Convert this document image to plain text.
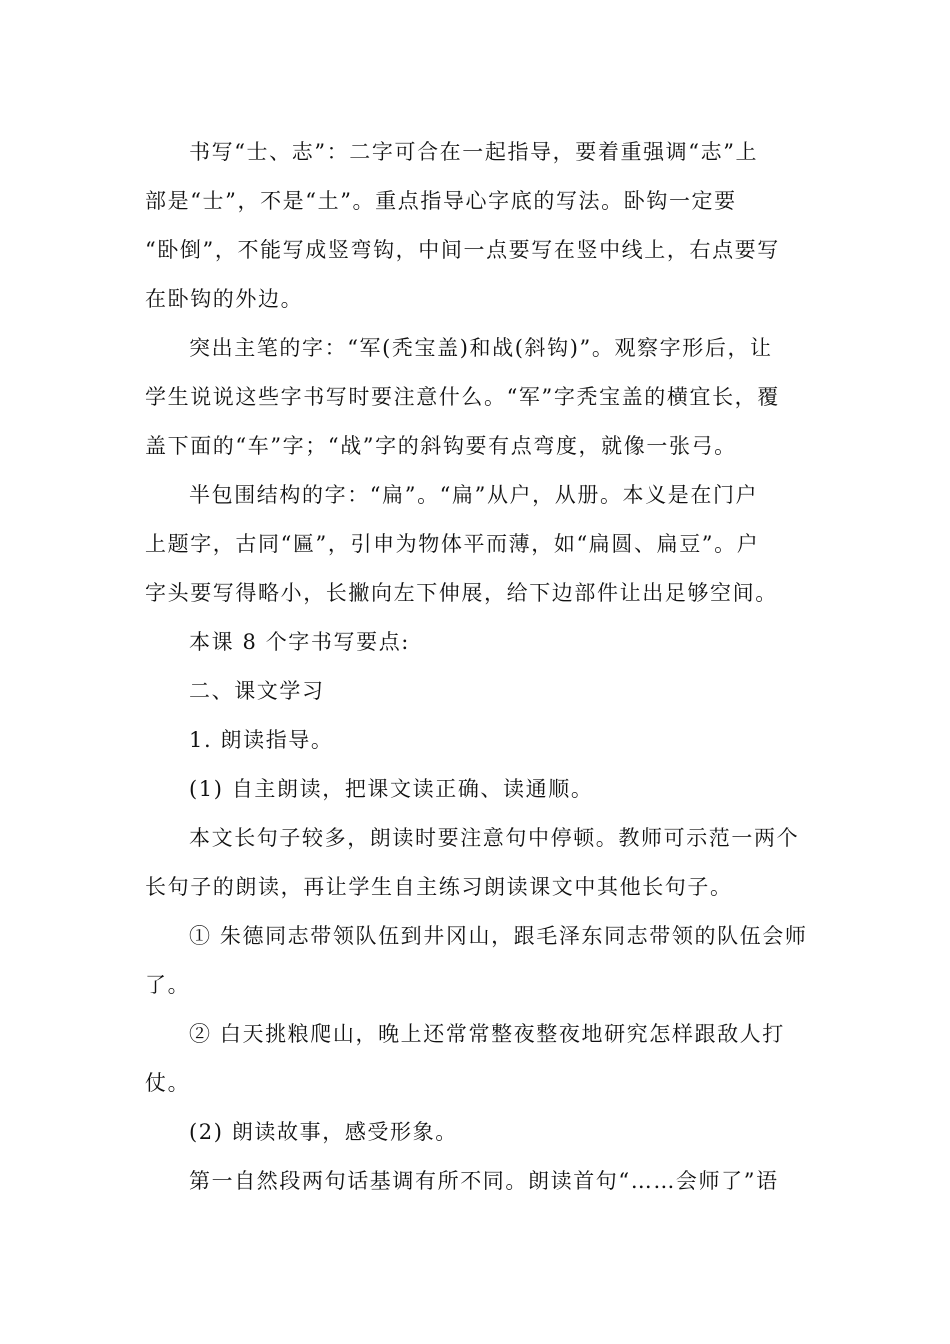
书写“士、志”：二字可合在一起指导，要着重强调“志”上
部是“士”，不是“土”。重点指导心字底的写法。卧钩一定要
“卧倒”，不能写成竖弯钩，中间一点要写在竖中线上，右点要写
在卧钩的外边。
突出主笔的字：“军(秃宝盖)和战(斜钩)”。观察字形后，让
学生说说这些字书写时要注意什么。“军”字秃宝盖的横宜长，覆
盖下面的“车”字；“战”字的斜钩要有点弯度，就像一张弓。
半包围结构的字：“扁”。“扁”从户，从册。本义是在门户
上题字，古同“匾”，引申为物体平而薄，如“扁圆、扁豆”。户
字头要写得略小，长撇向左下伸展，给下边部件让出足够空间。
本课 8 个字书写要点:
二、课文学习
1. 朗读指导。
(1) 自主朗读，把课文读正确、读通顺。
本文长句子较多，朗读时要注意句中停顿。教师可示范一两个
长句子的朗读，再让学生自主练习朗读课文中其他长句子。
① 朱德同志带领队伍到井冈山，跟毛泽东同志带领的队伍会师
了。
② 白天挑粮爬山，晚上还常常整夜整夜地研究怎样跟敌人打
仗。
(2) 朗读故事，感受形象。
第一自然段两句话基调有所不同。朗读首句“……会师了”语
